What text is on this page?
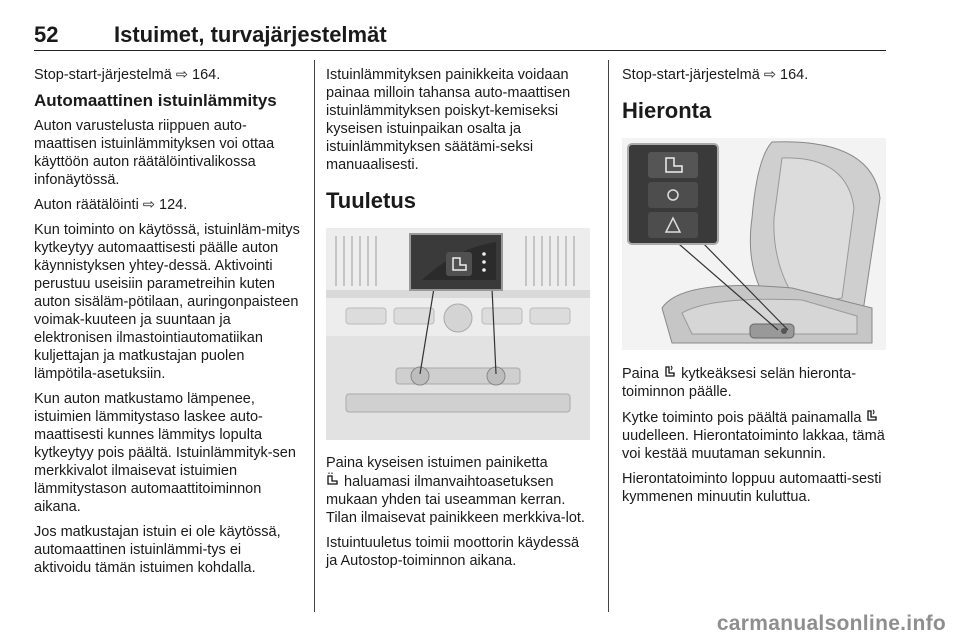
52	Istuimet, turvajärjestelmät

Stop-start-järjestelmä ⇨ 164.

Automaattinen istuinlämmitys

Auton varustelusta riippuen auto-maattisen istuinlämmityksen voi ottaa käyttöön auton räätälöintivalikossa infonäytössä.

Auton räätälöinti ⇨ 124.

Kun toiminto on käytössä, istuinläm-mitys kytkeytyy automaattisesti päälle auton käynnistyksen yhtey-dessä. Aktivointi perustuu useisiin parametreihin kuten auton sisäläm-pötilaan, auringonpaisteen voimak-kuuteen ja suuntaan ja elektronisen ilmastointiautomatiikan kuljettajan ja matkustajan puolen lämpötila-asetuksiin.

Kun auton matkustamo lämpenee, istuimien lämmitystaso laskee auto-maattisesti kunnes lämmitys lopulta kytkeytyy pois päältä. Istuinlämmityk-sen merkkivalot ilmaisevat istuimien lämmitystason automaattitoiminnon aikana.

Jos matkustajan istuin ei ole käytössä, automaattinen istuinlämmi-tys ei aktivoidu tämän istuimen kohdalla.

Istuinlämmityksen painikkeita voidaan painaa milloin tahansa auto-maattisen istuinlämmityksen poiskyt-kemiseksi kyseisen istuinpaikan osalta ja istuinlämmityksen säätämi-seksi manuaalisesti.

Tuuletus

Paina kyseisen istuimen painiketta
haluamasi ilmanvaihtoasetuksen mukaan yhden tai useamman kerran. Tilan ilmaisevat painikkeen merkkiva-lot.

Istuintuuletus toimii moottorin käydessä ja Autostop-toiminnon aikana.

Stop-start-järjestelmä ⇨ 164.

Hieronta

Paina  kytkeäksesi selän hieronta-toiminnon päälle.

Kytke toiminto pois päältä painamalla  uudelleen. Hierontatoiminto lakkaa, tämä voi kestää muutaman sekunnin.

Hierontatoiminto loppuu automaatti-sesti kymmenen minuutin kuluttua.

carmanualsonline.info
